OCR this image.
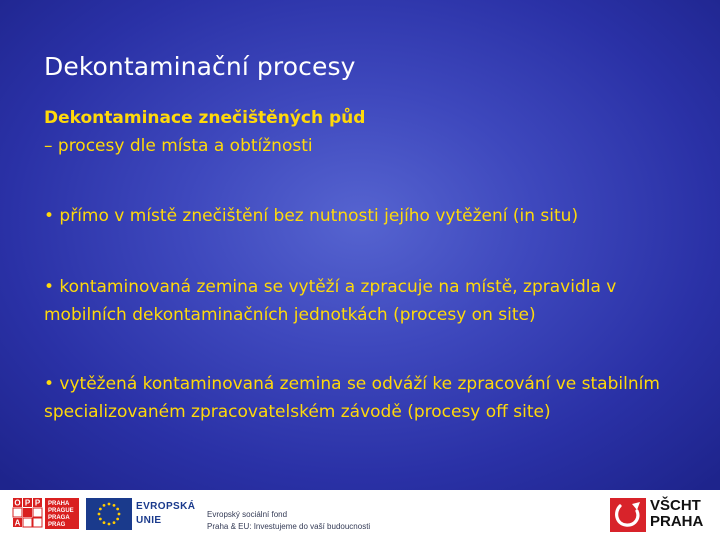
Dekontaminační procesy
Dekontaminace znečištěných půd
– procesy dle místa a obtížnosti
• přímo v místě znečištění bez nutnosti jejího vytěžení (in situ)
• kontaminovaná zemina se vytěží a zpracuje na místě, zpravidla v mobilních dekontaminačních jednotkách (procesy on site)
• vytěžená kontaminovaná zemina se odváží ke zpracování ve stabilním specializovaném zpracovatelském závodě (procesy off site)
O P P
A
PRAHA
PRAGUE
PRAGA
PRAG
EVROPSKÁ
UNIE
Evropský sociální fond
Praha & EU: Investujeme do vaší budoucnosti
VŠCHT
PRAHA
